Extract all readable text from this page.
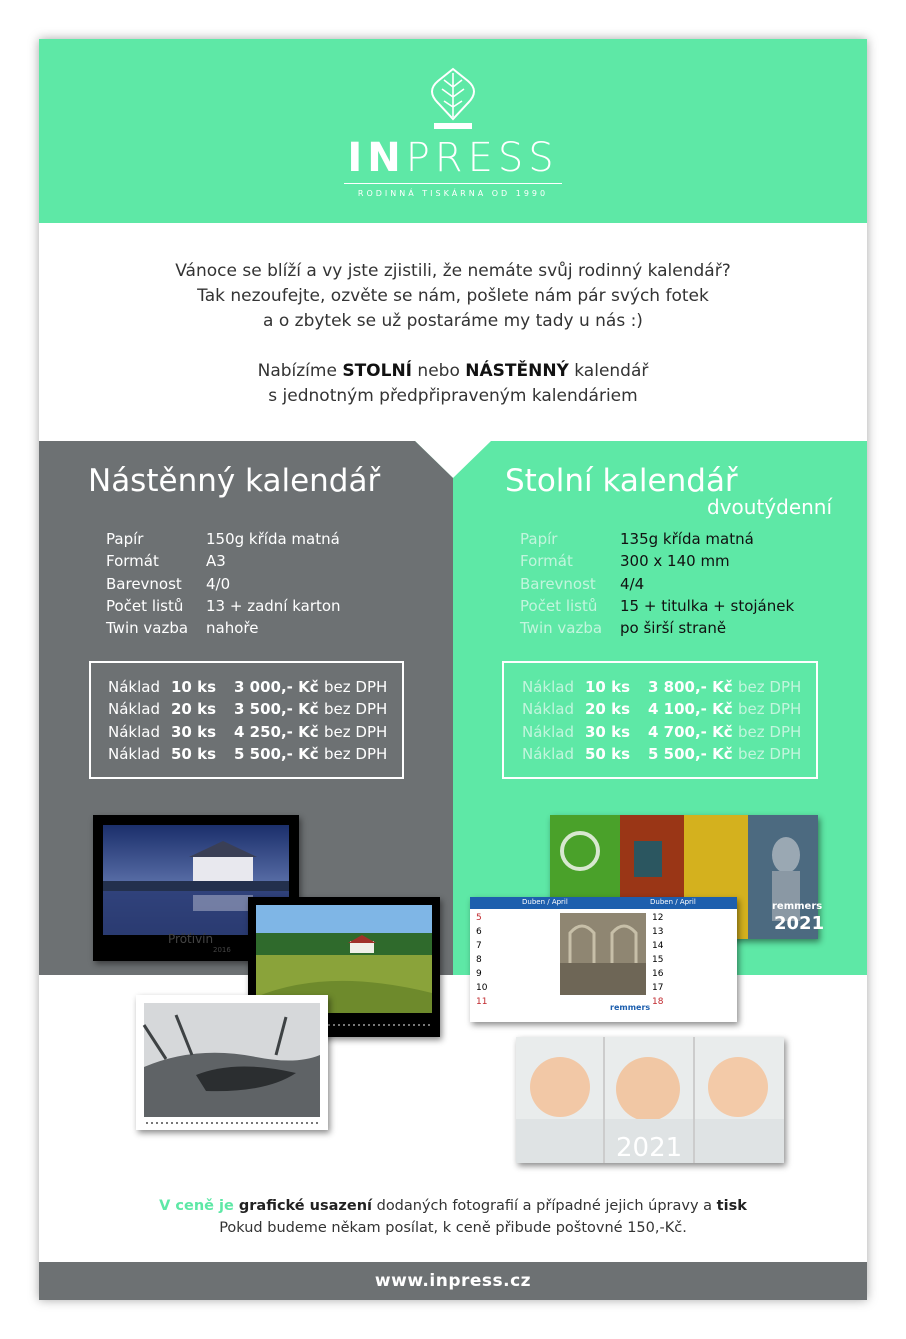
INPRESS
RODINNÁ TISKÁRNA OD 1990
Vánoce se blíží a vy jste zjistili, že nemáte svůj rodinný kalendář?
Tak nezoufejte, ozvěte se nám, pošlete nám pár svých fotek
a o zbytek se už postaráme my tady u nás :)
Nabízíme STOLNÍ nebo NÁSTĚNNÝ kalendář
s jednotným předpřipraveným kalendáriem
Nástěnný kalendář
Papír	150g křída matná
Formát	A3
Barevnost	4/0
Počet listů	13 + zadní karton
Twin vazba	nahoře
Náklad 10 ks	3 000,- Kč bez DPH
Náklad 20 ks	3 500,- Kč bez DPH
Náklad 30 ks	4 250,- Kč bez DPH
Náklad 50 ks	5 500,- Kč bez DPH
Stolní kalendář
dvoutýdenní
Papír	135g křída matná
Formát	300 x 140 mm
Barevnost	4/4
Počet listů	15 + titulka + stojánek
Twin vazba	po širší straně
Náklad 10 ks	3 800,- Kč bez DPH
Náklad 20 ks	4 100,- Kč bez DPH
Náklad 30 ks	4 700,- Kč bez DPH
Náklad 50 ks	5 500,- Kč bez DPH
Pröťivín
2016
remmers
2021
Duben / April	Duben / April
5
6
7
8
9
10
11
remmers
12
13
14
15
16
17
18
2021
V ceně je grafické usazení dodaných fotografií a případné jejich úpravy a tisk
Pokud budeme někam posílat, k ceně přibude poštovné 150,-Kč.
www.inpress.cz
